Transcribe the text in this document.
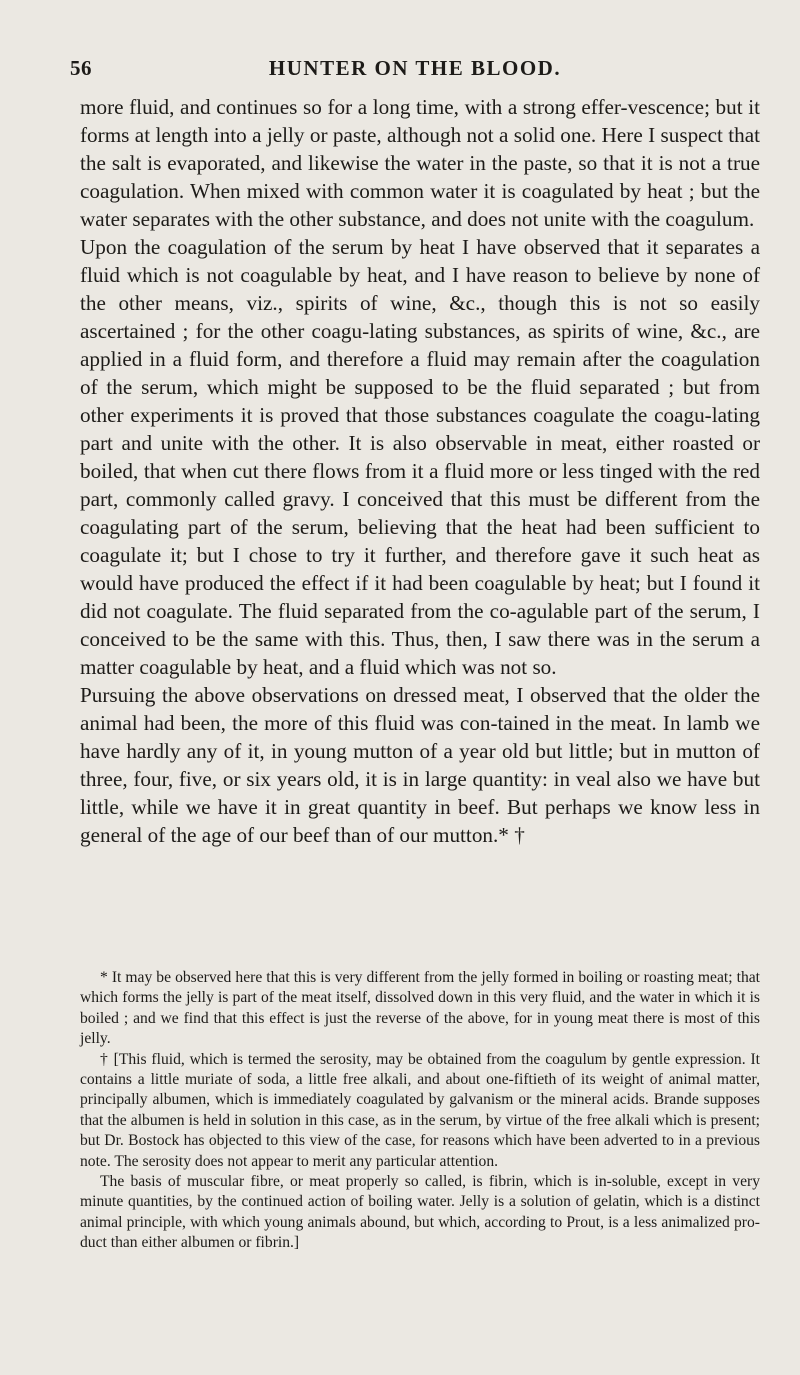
56	HUNTER ON THE BLOOD.

more fluid, and continues so for a long time, with a strong effer-vescence; but it forms at length into a jelly or paste, although not a solid one. Here I suspect that the salt is evaporated, and likewise the water in the paste, so that it is not a true coagulation. When mixed with common water it is coagulated by heat ; but the water separates with the other substance, and does not unite with the coagulum.

Upon the coagulation of the serum by heat I have observed that it separates a fluid which is not coagulable by heat, and I have reason to believe by none of the other means, viz., spirits of wine, &c., though this is not so easily ascertained ; for the other coagu-lating substances, as spirits of wine, &c., are applied in a fluid form, and therefore a fluid may remain after the coagulation of the serum, which might be supposed to be the fluid separated ; but from other experiments it is proved that those substances coagulate the coagu-lating part and unite with the other. It is also observable in meat, either roasted or boiled, that when cut there flows from it a fluid more or less tinged with the red part, commonly called gravy. I conceived that this must be different from the coagulating part of the serum, believing that the heat had been sufficient to coagulate it; but I chose to try it further, and therefore gave it such heat as would have produced the effect if it had been coagulable by heat; but I found it did not coagulate. The fluid separated from the co-agulable part of the serum, I conceived to be the same with this. Thus, then, I saw there was in the serum a matter coagulable by heat, and a fluid which was not so.

Pursuing the above observations on dressed meat, I observed that the older the animal had been, the more of this fluid was con-tained in the meat. In lamb we have hardly any of it, in young mutton of a year old but little; but in mutton of three, four, five, or six years old, it is in large quantity: in veal also we have but little, while we have it in great quantity in beef. But perhaps we know less in general of the age of our beef than of our mutton.* †

* It may be observed here that this is very different from the jelly formed in boiling or roasting meat; that which forms the jelly is part of the meat itself, dissolved down in this very fluid, and the water in which it is boiled ; and we find that this effect is just the reverse of the above, for in young meat there is most of this jelly.

† [This fluid, which is termed the serosity, may be obtained from the coagulum by gentle expression. It contains a little muriate of soda, a little free alkali, and about one-fiftieth of its weight of animal matter, principally albumen, which is immediately coagulated by galvanism or the mineral acids. Brande supposes that the albumen is held in solution in this case, as in the serum, by virtue of the free alkali which is present; but Dr. Bostock has objected to this view of the case, for reasons which have been adverted to in a previous note. The serosity does not appear to merit any particular attention.

The basis of muscular fibre, or meat properly so called, is fibrin, which is in-soluble, except in very minute quantities, by the continued action of boiling water. Jelly is a solution of gelatin, which is a distinct animal principle, with which young animals abound, but which, according to Prout, is a less animalized pro-duct than either albumen or fibrin.]
